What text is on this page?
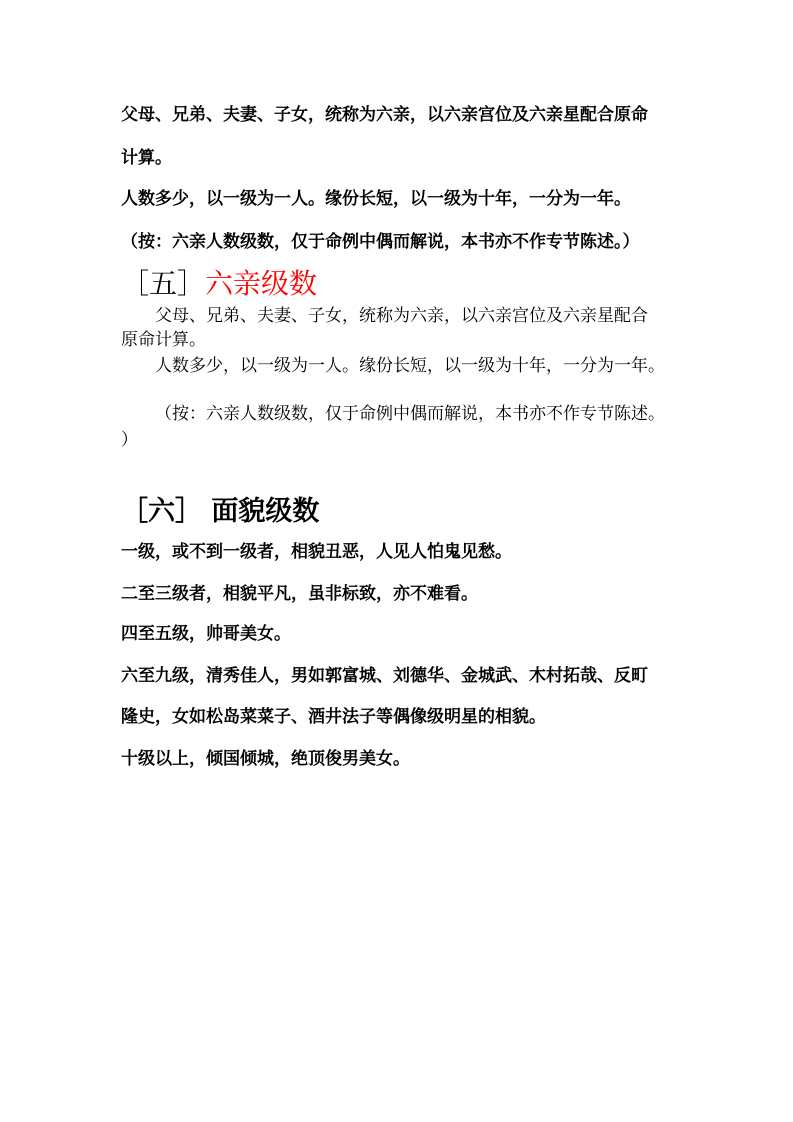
父母、兄弟、夫妻、子女，统称为六亲，以六亲宫位及六亲星配合原命

计算。

人数多少，以一级为一人。缘份长短，以一级为十年，一分为一年。

（按：六亲人数级数，仅于命例中偶而解说，本书亦不作专节陈述。）

［五］六亲级数

父母、兄弟、夫妻、子女，统称为六亲，以六亲宫位及六亲星配合

原命计算。

人数多少，以一级为一人。缘份长短，以一级为十年，一分为一年。

（按：六亲人数级数，仅于命例中偶而解说，本书亦不作专节陈述。

）

［六］ 面貌级数

一级，或不到一级者，相貌丑恶，人见人怕鬼见愁。

二至三级者，相貌平凡，虽非标致，亦不难看。

四至五级，帅哥美女。

六至九级，清秀佳人，男如郭富城、刘德华、金城武、木村拓哉、反町

隆史，女如松岛菜菜子、酒井法子等偶像级明星的相貌。

十级以上，倾国倾城，绝顶俊男美女。
